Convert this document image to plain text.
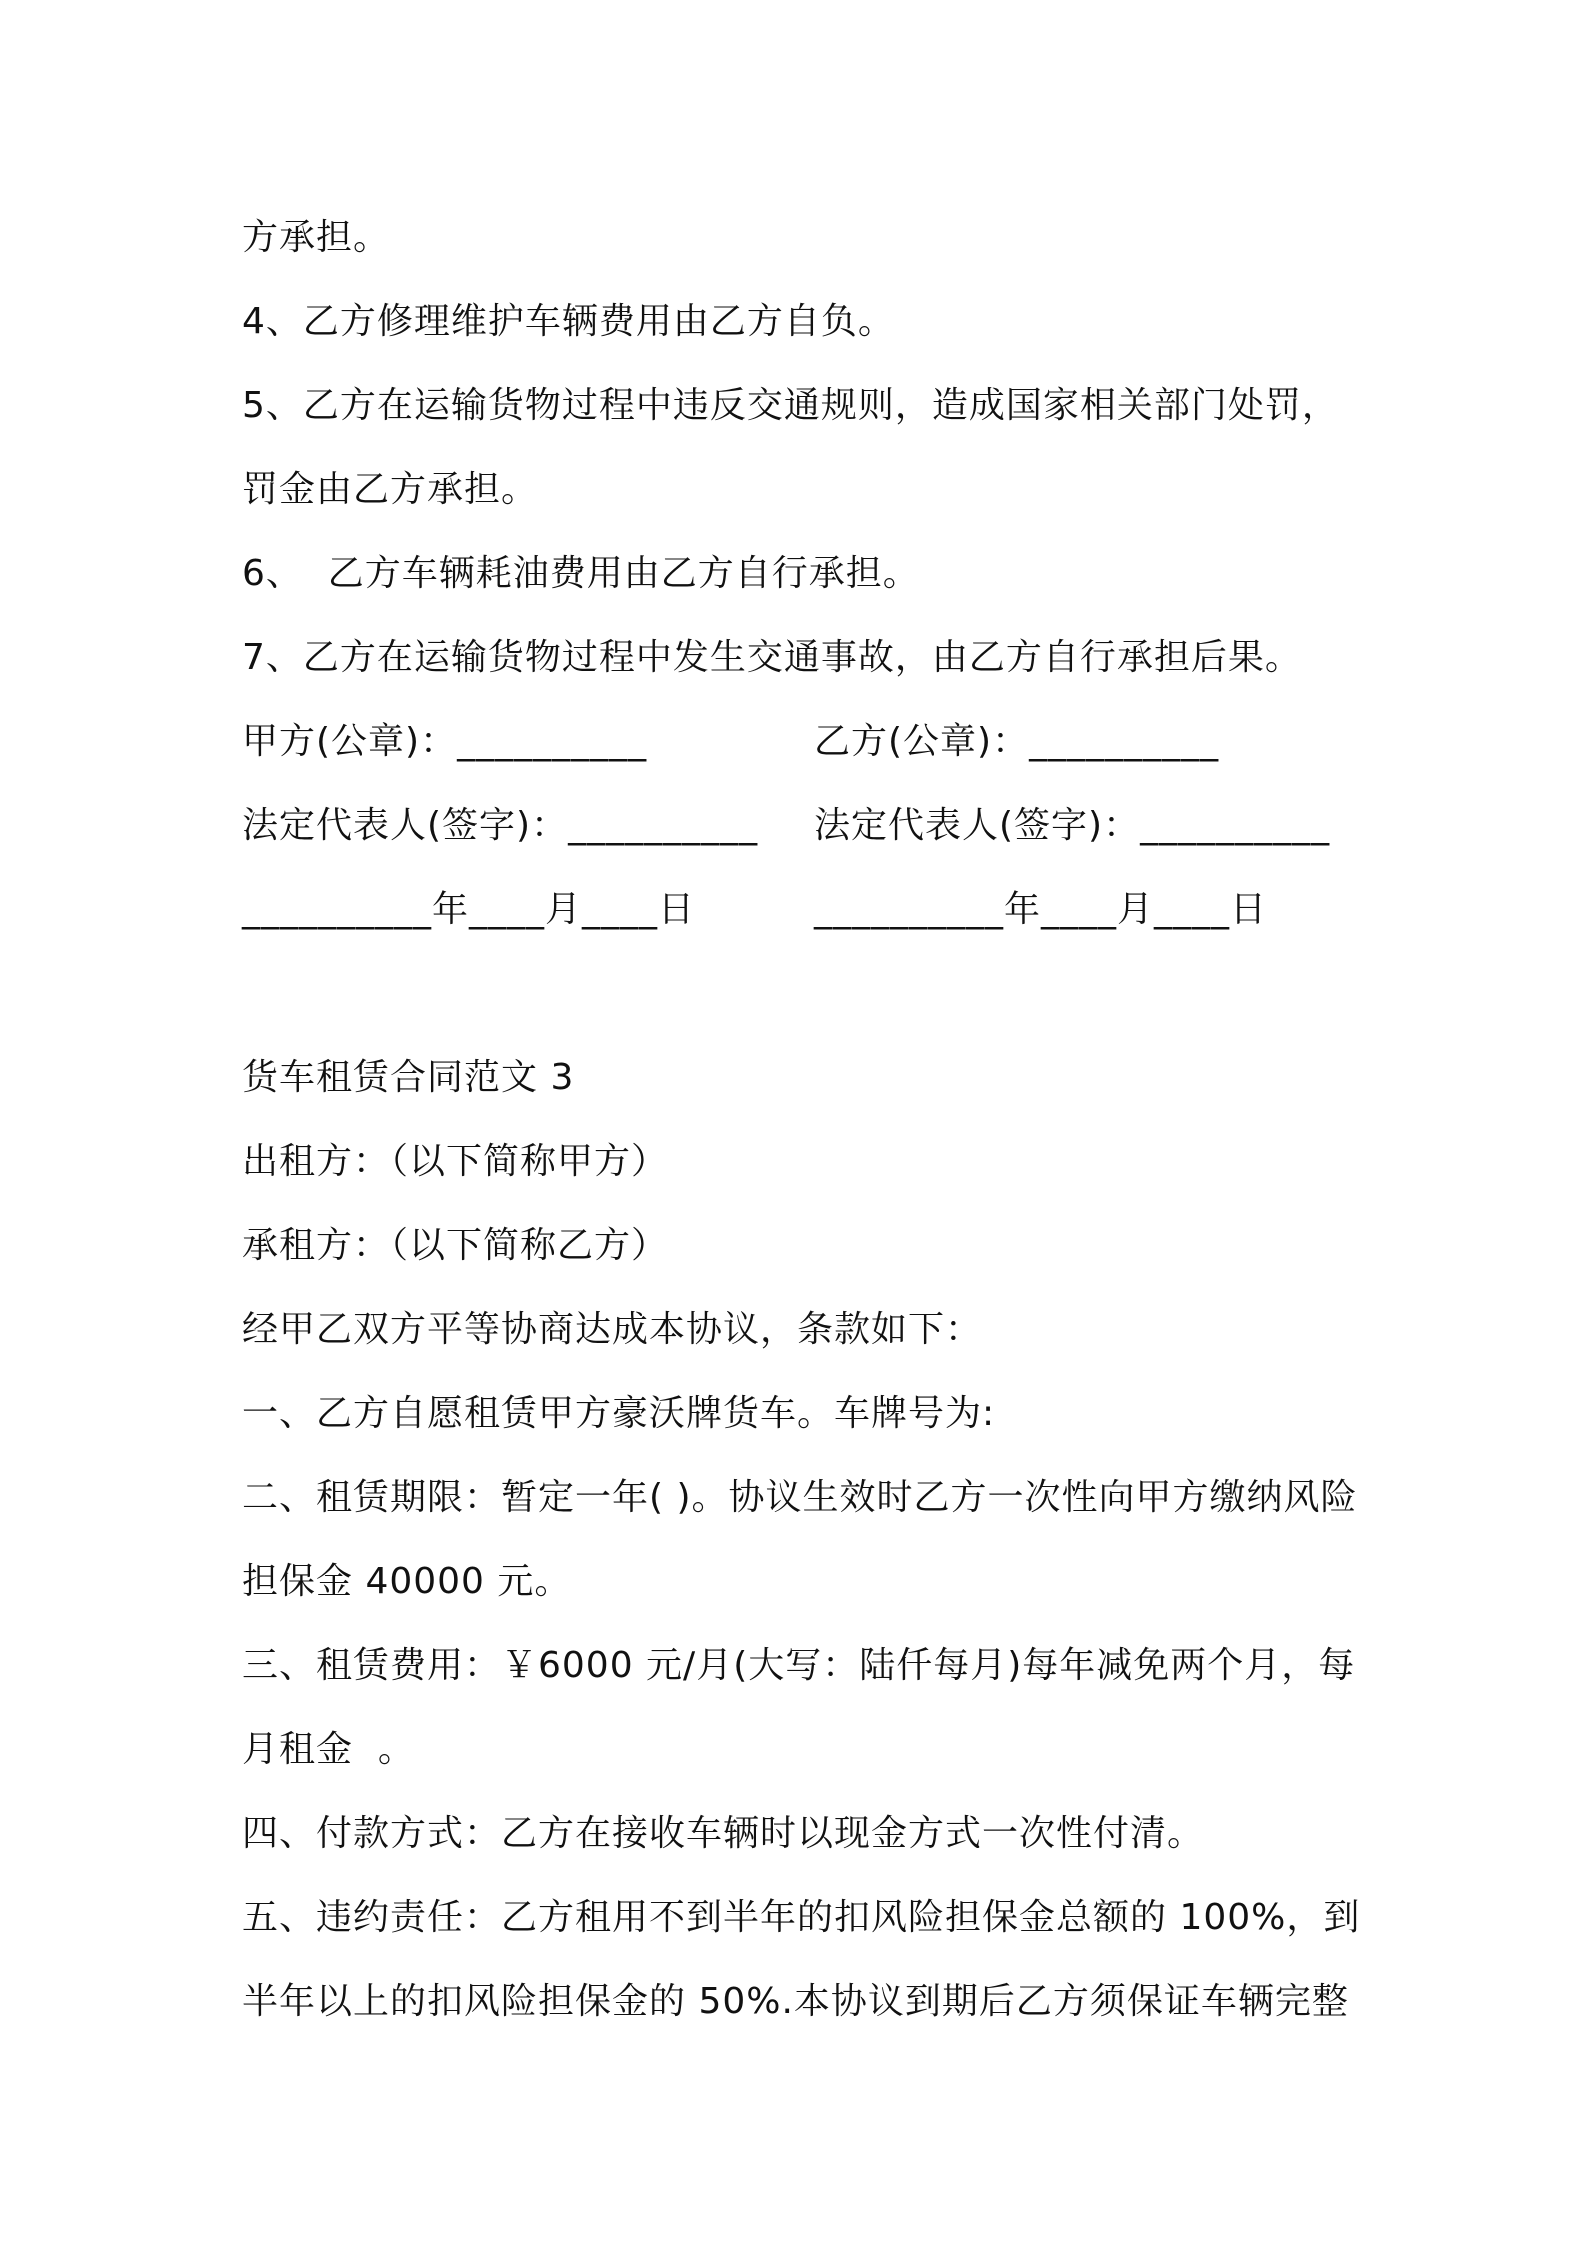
方承担。
4、乙方修理维护车辆费用由乙方自负。
5、乙方在运输货物过程中违反交通规则，造成国家相关部门处罚，
罚金由乙方承担。
6、  乙方车辆耗油费用由乙方自行承担。
7、乙方在运输货物过程中发生交通事故，由乙方自行承担后果。
甲方(公章)：__________	乙方(公章)：__________
法定代表人(签字)：__________	法定代表人(签字)：__________
__________年____月____日	__________年____月____日
货车租赁合同范文 3
出租方：（以下简称甲方）
承租方：（以下简称乙方）
经甲乙双方平等协商达成本协议，条款如下：
一、乙方自愿租赁甲方豪沃牌货车。车牌号为:
二、租赁期限：暂定一年( )。协议生效时乙方一次性向甲方缴纳风险
担保金 40000 元。
三、租赁费用：￥6000 元/月(大写：陆仟每月)每年减免两个月，每
月租金  。
四、付款方式：乙方在接收车辆时以现金方式一次性付清。
五、违约责任：乙方租用不到半年的扣风险担保金总额的 100%，到
半年以上的扣风险担保金的 50%.本协议到期后乙方须保证车辆完整
